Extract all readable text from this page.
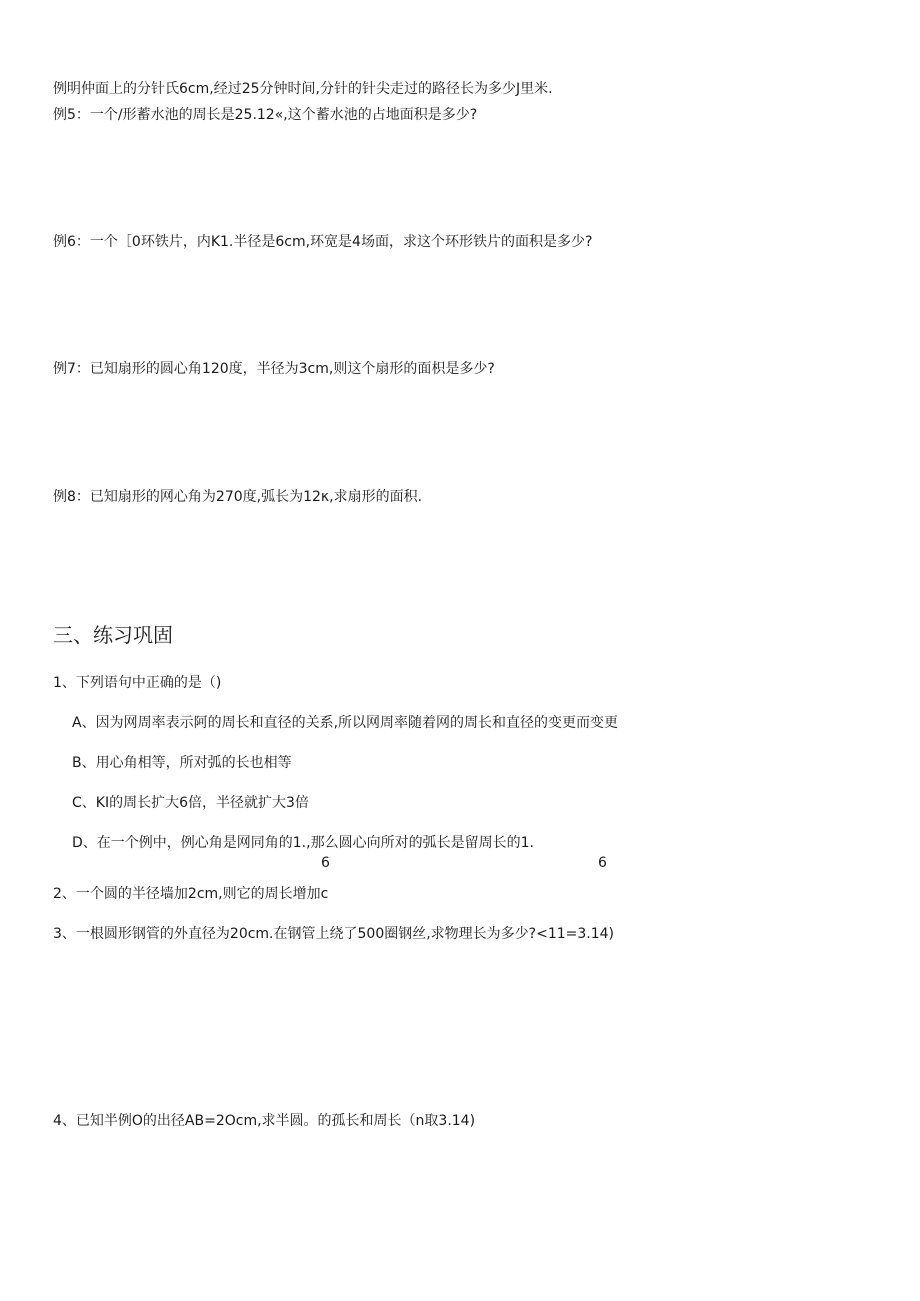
例明仲面上的分针氏6cm,经过25分钟时间,分针的针尖走过的路径长为多少J里米.
例5：一个/形蓄水池的周长是25.12«,这个蓄水池的占地面积是多少?
例6：一个［0环铁片，内K1.半径是6cm,环宽是4场面，求这个环形铁片的面积是多少?
例7：已知扇形的圆心角120度，半径为3cm,则这个扇形的面枳是多少?
例8：已知扇形的网心角为270度,弧长为12κ,求扇形的面积.
三、练习巩固
1、下列语句中正确的是（)
A、因为网周率表示阿的周长和直径的关系,所以网周率随着网的周长和直径的变更而变更
B、用心角相等，所对弧的长也相等
C、KI的周长扩大6倍，半径就扩大3倍
D、在一个例中，例心角是网同角的1.,那么圆心向所对的弧长是留周长的1.
6	6
2、一个圆的半径墙加2cm,则它的周长增加c
3、一根圆形钢管的外直径为20cm.在钢管上绕了500圈钢丝,求物理长为多少?<11=3.14)
4、已知半例O的出径AB=2Ocm,求半圆。的孤长和周长（n取3.14)
